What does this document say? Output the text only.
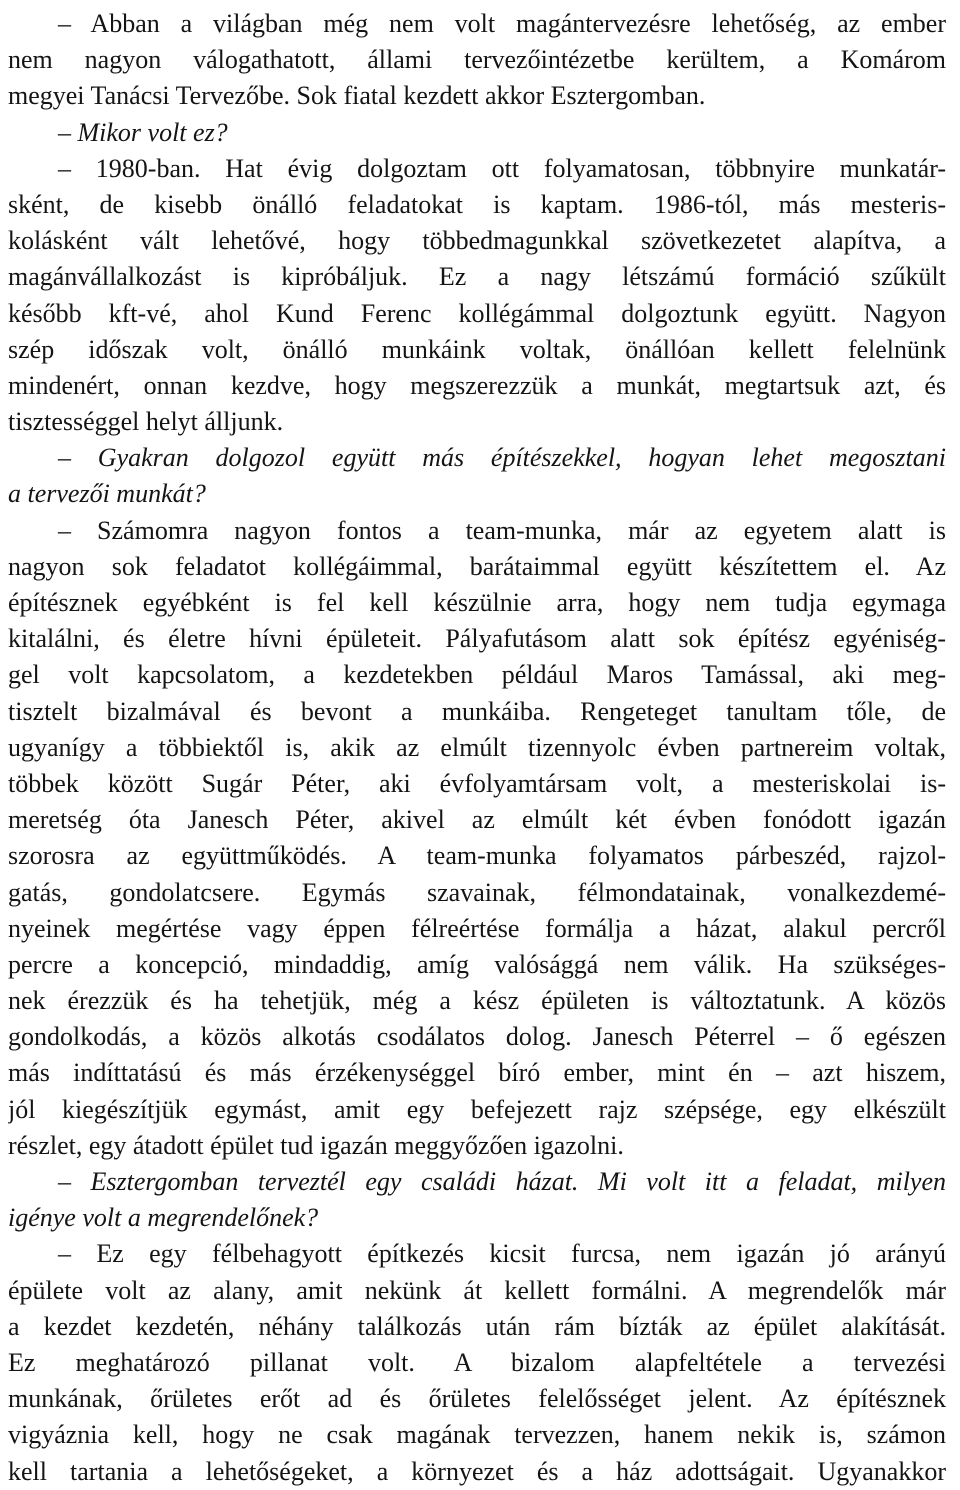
– Abban a világban még nem volt magántervezésre lehetőség, az ember
nem nagyon válogathatott, állami tervezőintézetbe kerültem, a Komárom
megyei Tanácsi Tervezőbe. Sok fiatal kezdett akkor Esztergomban.
– Mikor volt ez?
– 1980-ban. Hat évig dolgoztam ott folyamatosan, többnyire munkatár-
sként, de kisebb önálló feladatokat is kaptam. 1986-tól, más mesteris-
kolásként vált lehetővé, hogy többedmagunkkal szövetkezetet alapítva, a
magánvállalkozást is kipróbáljuk. Ez a nagy létszámú formáció szűkült
később kft-vé, ahol Kund Ferenc kollégámmal dolgoztunk együtt. Nagyon
szép időszak volt, önálló munkáink voltak, önállóan kellett felelnünk
mindenért, onnan kezdve, hogy megszerezzük a munkát, megtartsuk azt, és
tisztességgel helyt álljunk.
– Gyakran dolgozol együtt más építészekkel, hogyan lehet megosztani
a tervezői munkát?
– Számomra nagyon fontos a team-munka, már az egyetem alatt is
nagyon sok feladatot kollégáimmal, barátaimmal együtt készítettem el. Az
építésznek egyébként is fel kell készülnie arra, hogy nem tudja egymaga
kitalálni, és életre hívni épületeit. Pályafutásom alatt sok építész egyéniség-
gel volt kapcsolatom, a kezdetekben például Maros Tamással, aki meg-
tisztelt bizalmával és bevont a munkáiba. Rengeteget tanultam tőle, de
ugyanígy a többiektől is, akik az elmúlt tizennyolc évben partnereim voltak,
többek között Sugár Péter, aki évfolyamtársam volt, a mesteriskolai is-
meretség óta Janesch Péter, akivel az elmúlt két évben fonódott igazán
szorosra az együttműködés. A team-munka folyamatos párbeszéd, rajzol-
gatás, gondolatcsere. Egymás szavainak, félmondatainak, vonalkezdemé-
nyeinek megértése vagy éppen félreértése formálja a házat, alakul percről
percre a koncepció, mindaddig, amíg valósággá nem válik. Ha szükséges-
nek érezzük és ha tehetjük, még a kész épületen is változtatunk. A közös
gondolkodás, a közös alkotás csodálatos dolog. Janesch Péterrel – ő egészen
más indíttatású és más érzékenységgel bíró ember, mint én – azt hiszem,
jól kiegészítjük egymást, amit egy befejezett rajz szépsége, egy elkészült
részlet, egy átadott épület tud igazán meggyőzően igazolni.
– Esztergomban terveztél egy családi házat. Mi volt itt a feladat, milyen
igénye volt a megrendelőnek?
– Ez egy félbehagyott építkezés kicsit furcsa, nem igazán jó arányú
épülete volt az alany, amit nekünk át kellett formálni. A megrendelők már
a kezdet kezdetén, néhány találkozás után rám bízták az épület alakítását.
Ez meghatározó pillanat volt. A bizalom alapfeltétele a tervezési
munkának, őrületes erőt ad és őrületes felelősséget jelent. Az építésznek
vigyáznia kell, hogy ne csak magának tervezzen, hanem nekik is, számon
kell tartania a lehetőségeket, a környezet és a ház adottságait. Ugyanakkor
